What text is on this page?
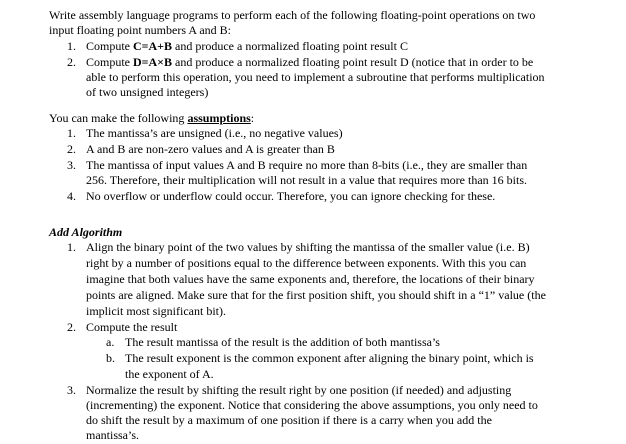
Write assembly language programs to perform each of the following floating-point operations on two
input floating point numbers A and B:
1. Compute C=A+B and produce a normalized floating point result C
2. Compute D=A×B and produce a normalized floating point result D (notice that in order to be
able to perform this operation, you need to implement a subroutine that performs multiplication
of two unsigned integers)
You can make the following assumptions:
1. The mantissa’s are unsigned (i.e., no negative values)
2. A and B are non-zero values and A is greater than B
3. The mantissa of input values A and B require no more than 8-bits (i.e., they are smaller than
256. Therefore, their multiplication will not result in a value that requires more than 16 bits.
4. No overflow or underflow could occur. Therefore, you can ignore checking for these.
Add Algorithm
1. Align the binary point of the two values by shifting the mantissa of the smaller value (i.e. B)
right by a number of positions equal to the difference between exponents. With this you can
imagine that both values have the same exponents and, therefore, the locations of their binary
points are aligned. Make sure that for the first position shift, you should shift in a “1” value (the
implicit most significant bit).
2. Compute the result
a. The result mantissa of the result is the addition of both mantissa’s
b. The result exponent is the common exponent after aligning the binary point, which is
the exponent of A.
3. Normalize the result by shifting the result right by one position (if needed) and adjusting
(incrementing) the exponent. Notice that considering the above assumptions, you only need to
do shift the result by a maximum of one position if there is a carry when you add the
mantissa’s.
